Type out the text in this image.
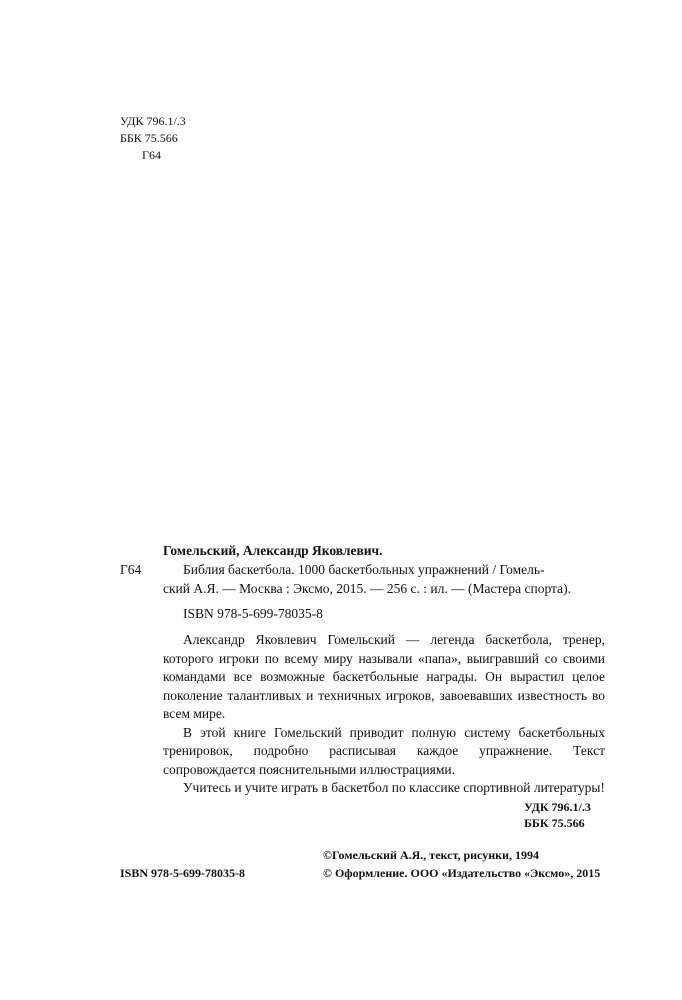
УДК 796.1/.3
ББК 75.566
Г64
Гомельский, Александр Яковлевич.
Г64	Библия баскетбола. 1000 баскетбольных упражнений / Гомель-
ский А.Я. — Москва : Эксмо, 2015. — 256 с. : ил. — (Мастера спорта).
ISBN 978-5-699-78035-8

Александр Яковлевич Гомельский — легенда баскетбола, тренер, которого игроки по всему миру называли «папа», выигравший со своими командами все возможные баскетбольные награды. Он вырастил целое поколение талантливых и техничных игроков, завоевавших известность во всем мире.

В этой книге Гомельский приводит полную систему баскетбольных тренировок, подробно расписывая каждое упражнение. Текст сопровождается пояснительными иллюстрациями.

Учитесь и учите играть в баскетбол по классике спортивной литературы!

УДК 796.1/.3
ББК 75.566
©Гомельский А.Я., текст, рисунки, 1994
ISBN 978-5-699-78035-8	© Оформление. ООО «Издательство «Эксмо», 2015
